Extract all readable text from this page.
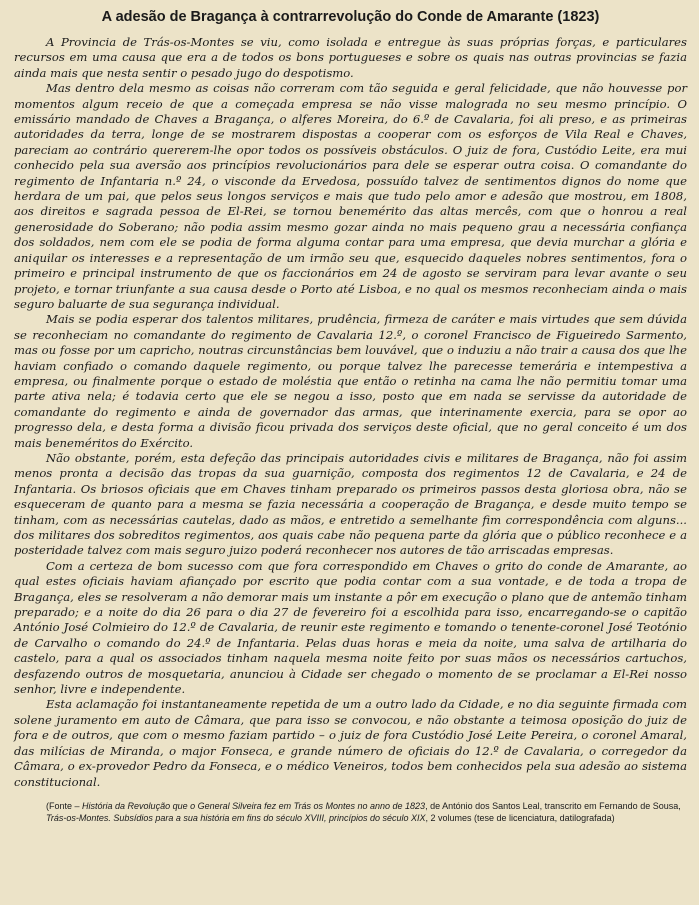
A adesão de Bragança à contrarrevolução do Conde de Amarante (1823)

A Provincia de Trás-os-Montes se viu, como isolada e entregue às suas próprias forças, e particulares recursos em uma causa que era a de todos os bons portugueses e sobre os quais nas outras provincias se fazia ainda mais que nesta sentir o pesado jugo do despotismo.

Mas dentro dela mesmo as coisas não correram com tão seguida e geral felicidade, que não houvesse por momentos algum receio de que a começada empresa se não visse malograda no seu mesmo princípio. O emissário mandado de Chaves a Bragança, o alferes Moreira, do 6.º de Cavalaria, foi ali preso, e as primeiras autoridades da terra, longe de se mostrarem dispostas a cooperar com os esforços de Vila Real e Chaves, pareciam ao contrário quererem-lhe opor todos os possíveis obstáculos. O juiz de fora, Custódio Leite, era mui conhecido pela sua aversão aos princípios revolucionários para dele se esperar outra coisa. O comandante do regimento de Infantaria n.º 24, o visconde da Ervedosa, possuído talvez de sentimentos dignos do nome que herdara de um pai, que pelos seus longos serviços e mais que tudo pelo amor e adesão que mostrou, em 1808, aos direitos e sagrada pessoa de El-Rei, se tornou benemérito das altas mercês, com que o honrou a real generosidade do Soberano; não podia assim mesmo gozar ainda no mais pequeno grau a necessária confiança dos soldados, nem com ele se podia de forma alguma contar para uma empresa, que devia murchar a glória e aniquilar os interesses e a representação de um irmão seu que, esquecido daqueles nobres sentimentos, fora o primeiro e principal instrumento de que os faccionários em 24 de agosto se serviram para levar avante o seu projeto, e tornar triunfante a sua causa desde o Porto até Lisboa, e no qual os mesmos reconheciam ainda o mais seguro baluarte de sua segurança individual.

Mais se podia esperar dos talentos militares, prudência, firmeza de caráter e mais virtudes que sem dúvida se reconheciam no comandante do regimento de Cavalaria 12.º, o coronel Francisco de Figueiredo Sarmento, mas ou fosse por um capricho, noutras circunstâncias bem louvável, que o induziu a não trair a causa dos que lhe haviam confiado o comando daquele regimento, ou porque talvez lhe parecesse temerária e intempestiva a empresa, ou finalmente porque o estado de moléstia que então o retinha na cama lhe não permitiu tomar uma parte ativa nela; é todavia certo que ele se negou a isso, posto que em nada se servisse da autoridade de comandante do regimento e ainda de governador das armas, que interinamente exercia, para se opor ao progresso dela, e desta forma a divisão ficou privada dos serviços deste oficial, que no geral conceito é um dos mais beneméritos do Exército.

Não obstante, porém, esta defeção das principais autoridades civis e militares de Bragança, não foi assim menos pronta a decisão das tropas da sua guarnição, composta dos regimentos 12 de Cavalaria, e 24 de Infantaria. Os briosos oficiais que em Chaves tinham preparado os primeiros passos desta gloriosa obra, não se esqueceram de quanto para a mesma se fazia necessária a cooperação de Bragança, e desde muito tempo se tinham, com as necessárias cautelas, dado as mãos, e entretido a semelhante fim correspondência com alguns... dos militares dos sobreditos regimentos, aos quais cabe não pequena parte da glória que o público reconhece e a posteridade talvez com mais seguro juizo poderá reconhecer nos autores de tão arriscadas empresas.

Com a certeza de bom sucesso com que fora correspondido em Chaves o grito do conde de Amarante, ao qual estes oficiais haviam afiançado por escrito que podia contar com a sua vontade, e de toda a tropa de Bragança, eles se resolveram a não demorar mais um instante a pôr em execução o plano que de antemão tinham preparado; e a noite do dia 26 para o dia 27 de fevereiro foi a escolhida para isso, encarregando-se o capitão António José Colmieiro do 12.º de Cavalaria, de reunir este regimento e tomando o tenente-coronel José Teotónio de Carvalho o comando do 24.º de Infantaria. Pelas duas horas e meia da noite, uma salva de artilharia do castelo, para a qual os associados tinham naquela mesma noite feito por suas mãos os necessários cartuchos, desfazendo outros de mosquetaria, anunciou à Cidade ser chegado o momento de se proclamar a El-Rei nosso senhor, livre e independente.

Esta aclamação foi instantaneamente repetida de um a outro lado da Cidade, e no dia seguinte firmada com solene juramento em auto de Câmara, que para isso se convocou, e não obstante a teimosa oposição do juiz de fora e de outros, que com o mesmo faziam partido – o juiz de fora Custódio José Leite Pereira, o coronel Amaral, das milícias de Miranda, o major Fonseca, e grande número de oficiais do 12.º de Cavalaria, o corregedor da Câmara, o ex-provedor Pedro da Fonseca, e o médico Veneiros, todos bem conhecidos pela sua adesão ao sistema constitucional.

(Fonte – História da Revolução que o General Silveira fez em Trás os Montes no anno de 1823, de António dos Santos Leal, transcrito em Fernando de Sousa, Trás-os-Montes. Subsídios para a sua história em fins do século XVIII, princípios do século XIX, 2 volumes (tese de licenciatura, datilografada)
